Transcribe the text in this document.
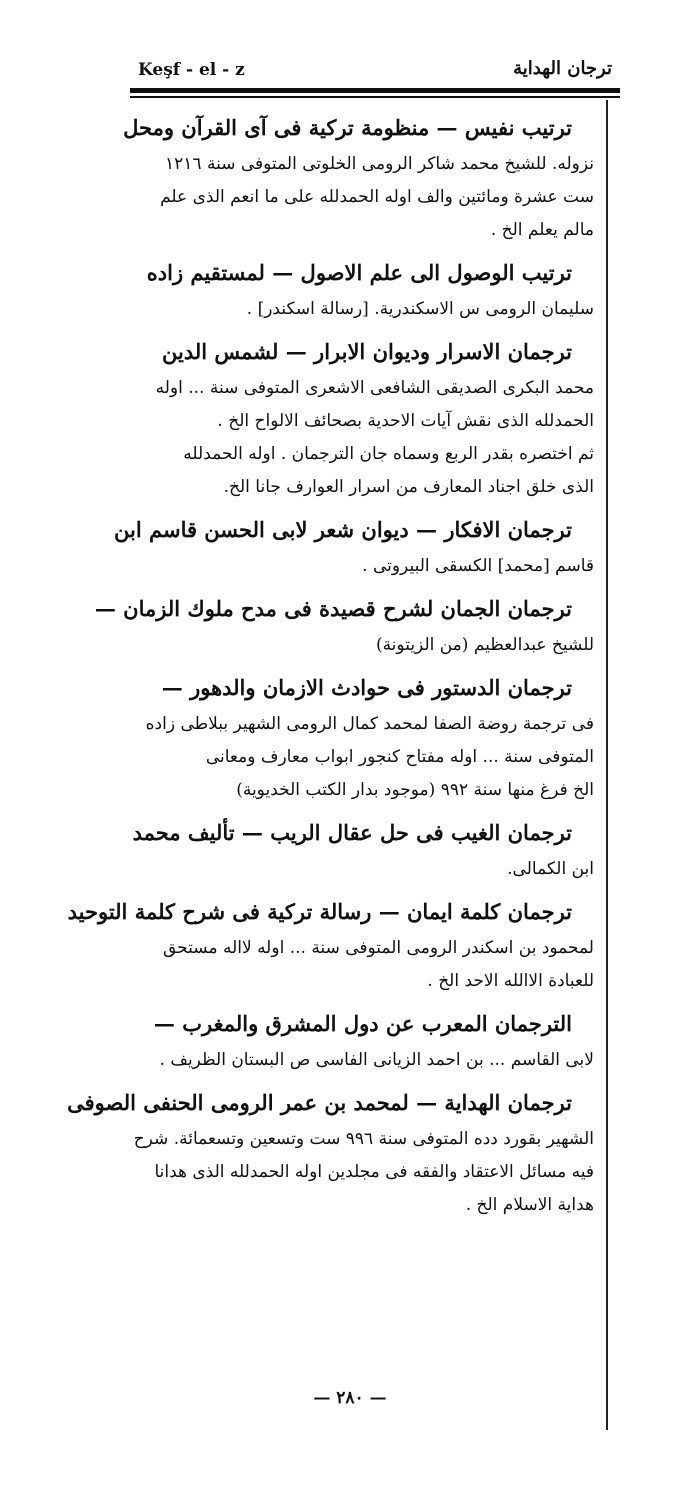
Keşf - el - z	ترجان الهداية
ترتيب نفيس — منظومة تركية فى آى القرآن ومحل
نزوله. للشيخ محمد شاكر الرومى الخلوتى المتوفى سنة ١٢١٦
ست عشرة ومائتين والف اوله الحمدلله على ما انعم الذى علم
مالم يعلم الخ .
ترتيب الوصول الى علم الاصول — لمستقيم زاده
سليمان الرومى س الاسكندرية. [رسالة اسكندر] .
ترجمان الاسرار وديوان الابرار — لشمس الدين
محمد البكرى الصديقى الشافعى الاشعرى المتوفى سنة ... اوله
الحمدلله الذى نقش آيات الاحدية بصحائف الالواح الخ .
ثم اختصره بقدر الربع وسماه جان الترجمان . اوله الحمدلله
الذى خلق اجناد المعارف من اسرار العوارف جانا الخ.
ترجمان الافكار — ديوان شعر لابى الحسن قاسم ابن
قاسم [محمد] الكسقى البيروتى .
ترجمان الجمان لشرح قصيدة فى مدح ملوك الزمان —
للشيخ عبدالعظيم (من الزيتونة)
ترجمان الدستور فى حوادث الازمان والدهور —
فى ترجمة روضة الصفا لمحمد كمال الرومى الشهير ببلاطى زاده
المتوفى سنة ... اوله مفتاح كنجور ابواب معارف ومعانى
الخ فرغ منها سنة ٩٩٢ (موجود بدار الكتب الخديوية)
ترجمان الغيب فى حل عقال الريب — تأليف محمد
ابن الكمالى.
ترجمان كلمة ايمان — رسالة تركية فى شرح كلمة التوحيد
لمحمود بن اسكندر الرومى المتوفى سنة ... اوله لااله مستحق
للعبادة الاالله الاحد الخ .
الترجمان المعرب عن دول المشرق والمغرب —
لابى القاسم ... بن احمد الزيانى الفاسى ص البستان الظريف .
ترجمان الهداية — لمحمد بن عمر الرومى الحنفى الصوفى
الشهير بقورد دده المتوفى سنة ٩٩٦ ست وتسعين وتسعمائة. شرح
فيه مسائل الاعتقاد والفقه فى مجلدين اوله الحمدلله الذى هدانا
هداية الاسلام الخ .
— ٢٨٠ —
